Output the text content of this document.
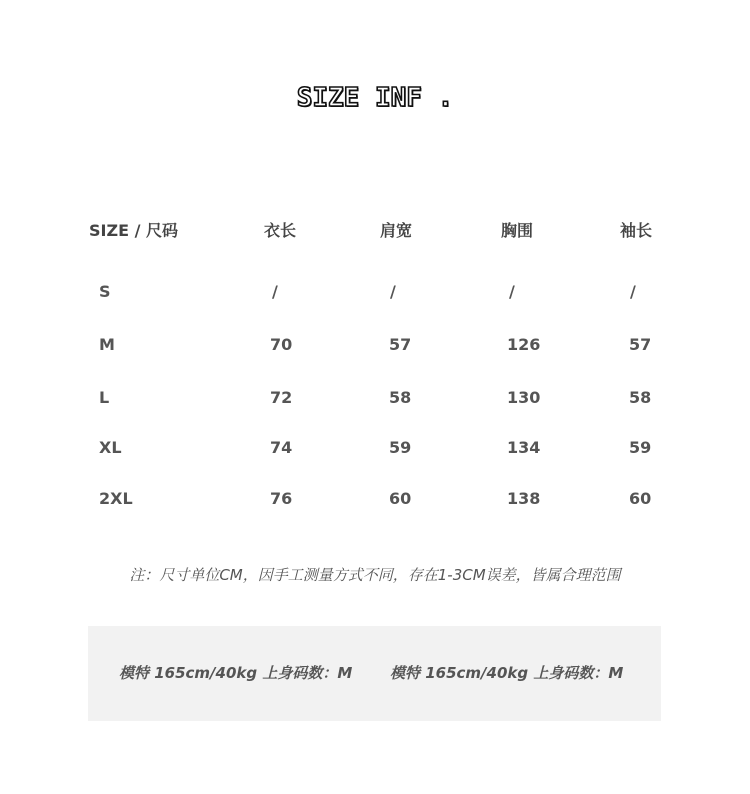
SIZE INF .
SIZE / 尺码	衣长	肩宽	胸围	袖长
S	/	/	/	/
M	70	57	126	57
L	72	58	130	58
XL	74	59	134	59
2XL	76	60	138	60
注：尺寸单位CM，因手工测量方式不同，存在1-3CM误差，皆属合理范围
模特 165cm/40kg 上身码数：M	模特 165cm/40kg 上身码数：M
